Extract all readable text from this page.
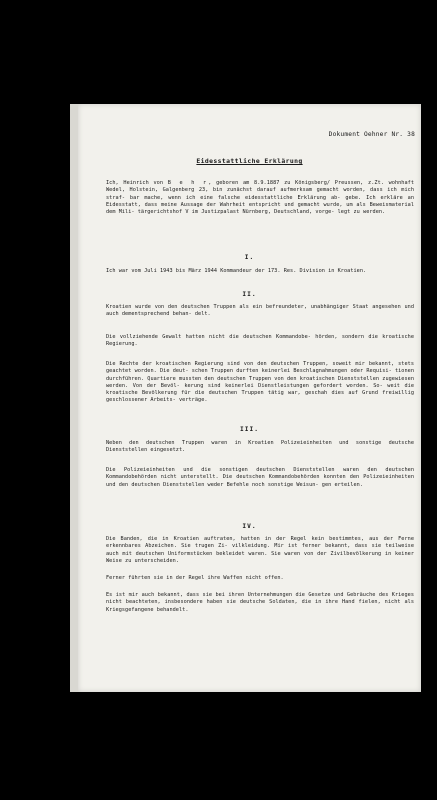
Dokument Oehner Nr. 38
Eidesstattliche Erklärung
Ich, Heinrich von B e h r, geboren am 8.9.1887 zu Königsberg/ Preussen, z.Zt. wohnhaft Wedel, Holstein, Galgenberg 23, bin zunächst darauf aufmerksam gemacht worden, dass ich mich straf- bar mache, wenn ich eine falsche eidesstattliche Erklärung ab- gebe. Ich erkläre an Eidesstatt, dass meine Aussage der Wahrheit entspricht und gemacht wurde, um als Beweismaterial dem Mili- tärgerichtshof V im Justizpalast Nürnberg, Deutschland, vorge- legt zu werden.
I.
Ich war vom Juli 1943 bis März 1944 Kommandeur der 173. Res. Division in Kroatien.
II.
Kroatien wurde von den deutschen Truppen als ein befreundeter, unabhängiger Staat angesehen und auch dementsprechend behan- delt.
Die vollziehende Gewalt hatten nicht die deutschen Kommandobe- hörden, sondern die kroatische Regierung.
Die Rechte der kroatischen Regierung sind von den deutschen Truppen, soweit mir bekannt, stets geachtet worden. Die deut- schen Truppen durften keinerlei Beschlagnahmungen oder Requisi- tionen durchführen. Quartiere mussten den deutschen Truppen von den kroatischen Dienststellen zugewiesen werden. Von der Bevöl- kerung sind keinerlei Dienstleistungen gefordert worden. So- weit die kroatische Bevölkerung für die deutschen Truppen tätig war, geschah dies auf Grund freiwillig geschlossener Arbeits- verträge.
III.
Neben den deutschen Truppen waren in Kroatien Polizeieinheiten und sonstige deutsche Dienststellen eingesetzt.
Die Polizeieinheiten und die sonstigen deutschen Dienststellen waren den deutschen Kommandobehörden nicht unterstellt. Die deutschen Kommandobehörden konnten den Polizeieinheiten und den deutschen Dienststellen weder Befehle noch sonstige Weisun- gen erteilen.
IV.
Die Banden, die in Kroatien auftraten, hatten in der Regel kein bestimmtes, aus der Ferne erkennbares Abzeichen. Sie trugen Zi- vilkleidung. Mir ist ferner bekannt, dass sie teilweise auch mit deutschen Uniformstücken bekleidet waren. Sie waren von der Zivilbevölkerung in keiner Weise zu unterscheiden.
Ferner führten sie in der Regel ihre Waffen nicht offen.
Es ist mir auch bekannt, dass sie bei ihren Unternehmungen die Gesetze und Gebräuche des Krieges nicht beachteten, insbesondere haben sie deutsche Soldaten, die in ihre Hand fielen, nicht als Kriegsgefangene behandelt.
